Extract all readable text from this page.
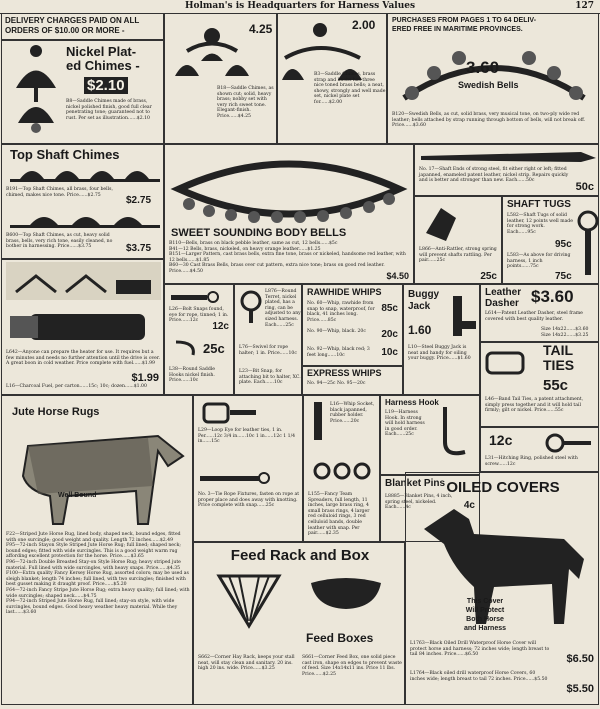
Holman's is Headquarters for Harness Values	127
DELIVERY CHARGES PAID ON ALL
ORDERS OF $10.00 OR MORE -
Nickel Plat-
ed Chimes -
$2.10
B8—Saddle Chimes made of brass, nickel polished finish, good full clear penetrating tone; guaranteed not to rust. Per set as illustration......$2.10
4.25
B18—Saddle Chimes, as shown cut; solid, heavy brass; nobby set with very rich sweet tone. Elegant-finish. Price......$4.25
2.00
B3—Saddle Chimes, brass strap and knobs has three nice toned brass bells; a neat, showy, strongly and well made set, nickel plate set for......$2.00
PURCHASES FROM PAGES 1 TO 64 DELIV-
ERED FREE IN MARITIME PROVINCES.
3.60
Swedish Bells
B120—Swedish Bells, as cut, solid brass, very musical tone, on two-ply wide red leather; bells attached by strap running through bottom of bells, will not break off. Price......$3.60
Top Shaft Chimes
B191—Top Shaft Chimes, all brass, four bells, chimed, makes nice tone. Price......$2.75	$2.75
B600—Top Shaft Chimes, as cut, heavy solid brass, bells, very rich tone, easily cleaned, no bother in harnessing. Price......$3.75	$3.75
SWEET SOUNDING BODY BELLS
B110—Bells, brass on black pebble leather, same as cut, 12 bells......$5c
B41—12 Bells, brass, nickeled, on heavy orange leather......$1.25
B151—Larger Pattern, cast brass bells, extra fine tone, brass or nickeled, handsome red leather, with 12 bells......$1.85
B60—30 Cast Brass Bells, brass over cut pattern, extra nice tone; brass on good red leather. Price......$4.50	$4.50
No. 17—Shaft Ends of strong steel, fit either right or left; fitted japanned, enameled patent leather, nickel strip. Repairs quickly and is better and stronger than new. Each......50c
50c
L866—Anti-Rattler, strong spring will prevent shafts rattling. Per pair......25c
25c
SHAFT TUGS
L582—Shaft Tugs of solid leather, 12 points well made for strong work. Each......95c
95c
L583—As above for driving harness, 1 inch points......75c
75c
L642—Anyone can prepare the heater for use. It requires but a few minutes and needs no further attention until the drive is over. A great boon in cold weather. Price complete with fuel......$1.99
$1.99
L16—Charcoal Fuel, per carton......15c; 10c; dozen......$1.00
L26—Bolt Snaps found, eye for rope, tinned; 1 in. Price......12c
12c
25c
L38—Round Saddle Hooks nickel finish. Price......10c
L876—Round Terret, nickel plated, has a ring, can be adjusted to any sized harness. Each......25c
L76—Swivel for rope halter; 1 in. Price......10c
L23—Bit Snap, for attaching bit to halter, XC. plate. Each......10c
RAWHIDE WHIPS
No. 60—Whip, rawhide from snap to snap, waterproof, for black, 41 inches long. Price......85c
85c
No. 90—Whip, black. 20c	20c
No. 92—Whip, black red; 3 feet long......10c	10c
EXPRESS WHIPS
No. 94—25c No. 95—20c
Buggy
Jack
1.60
L10—Steel Buggy Jack is neat and handy for oiling your buggy. Price......$1.60
Leather
Dasher $3.60
L614—Patent Leather Dasher, steel frame covered with best quality leather.
Size 14x22......$3.60
Size 14x22......$3.25
TAIL
TIES
55c
L46—Band Tail Ties, a patent attachment, simply press together and it will hold tail firmly; gilt or nickel. Price......55c
12c
L31—Hitching Ring, polished steel with screw......12c
Jute Horse Rugs
Well Bound
F22—Striped Jute Horse Rug, lined body, shaped neck, bound edges, fitted with one surcingle; good weight and quality. Length 72 inches......$2.49
F95—72-inch Stayon Style Striped Jute Horse Rug; full lined; shaped neck; bound edges; fitted with wide surcingles. This is a good weight warm rug affording excellent protection for the horse. Price......$3.65
F96—72-inch Double Breasted Stay-on Style Horse Rug; heavy striped jute material. Full lined with wide surcingles, with heavy snaps. Price......$4.35
F100—Extra quality Fancy Kersey Horse Rug, assorted colors; may be used as sleigh blanket; length 74 inches; full lined, with two surcingles; finished with best gusset making it draught proof. Price......$5.20
F64—72-inch Fancy Stripe Jute Horse Rug; extra heavy quality; full lined; with wide surcingles; shaped neck......$4.75
F94—72-inch Striped Jute Horse Rug, full lined; stay-on style, with wide surcingles, bound edges. Good heavy weather heavy material. While they last......$3.60
L29—Loop Eye for leather ties, 1 in. Per......12c 3/4 in......10c 1 in......12c 1 1/4 in......15c
No. 3—Tie Rope Fixtures, fasten on rope at proper place and does away with knotting. Price complete with snap......25c
L16—Whip Socket, black japanned, rubber holder. Price......20c
L155—Fancy Team Spreaders, full length, 11 inches, large brass ring, 4 small brass rings, 4 larger red celluloid rings, 3 red celluloid bands, double leather with snap. Per pair......$2.35
Harness Hook
L19—Harness Hook. In strong will hold harness in good order. Each......25c
Blanket Pins
L8885—Blanket Pins, 4 inch, spring steel, nickeled. Each......4c	4c
Feed Rack and Box
Feed Boxes
S662—Corner Hay Rack, keeps your stall neat, will stay clean and sanitary. 20 ins. high 20 ins. wide. Price......$3.25
S661—Corner Feed Box, one solid piece cast iron, shape on edges to prevent waste of feed. Size 14x14x11 ins. Price 11 lbs. Price......$2.25
OILED COVERS
This Cover
Will Protect
Both Horse
and Harness
L1763—Black Oiled Drill Waterproof Horse Cover will protect horse and harness; 72 inches wide; length breast to tail 84 inches. Price......$6.50	$6.50
L1764—Black oiled drill waterproof Horse Covers, 60 inches wide; length breast to tail 72 inches. Price......$5.50
$5.50
